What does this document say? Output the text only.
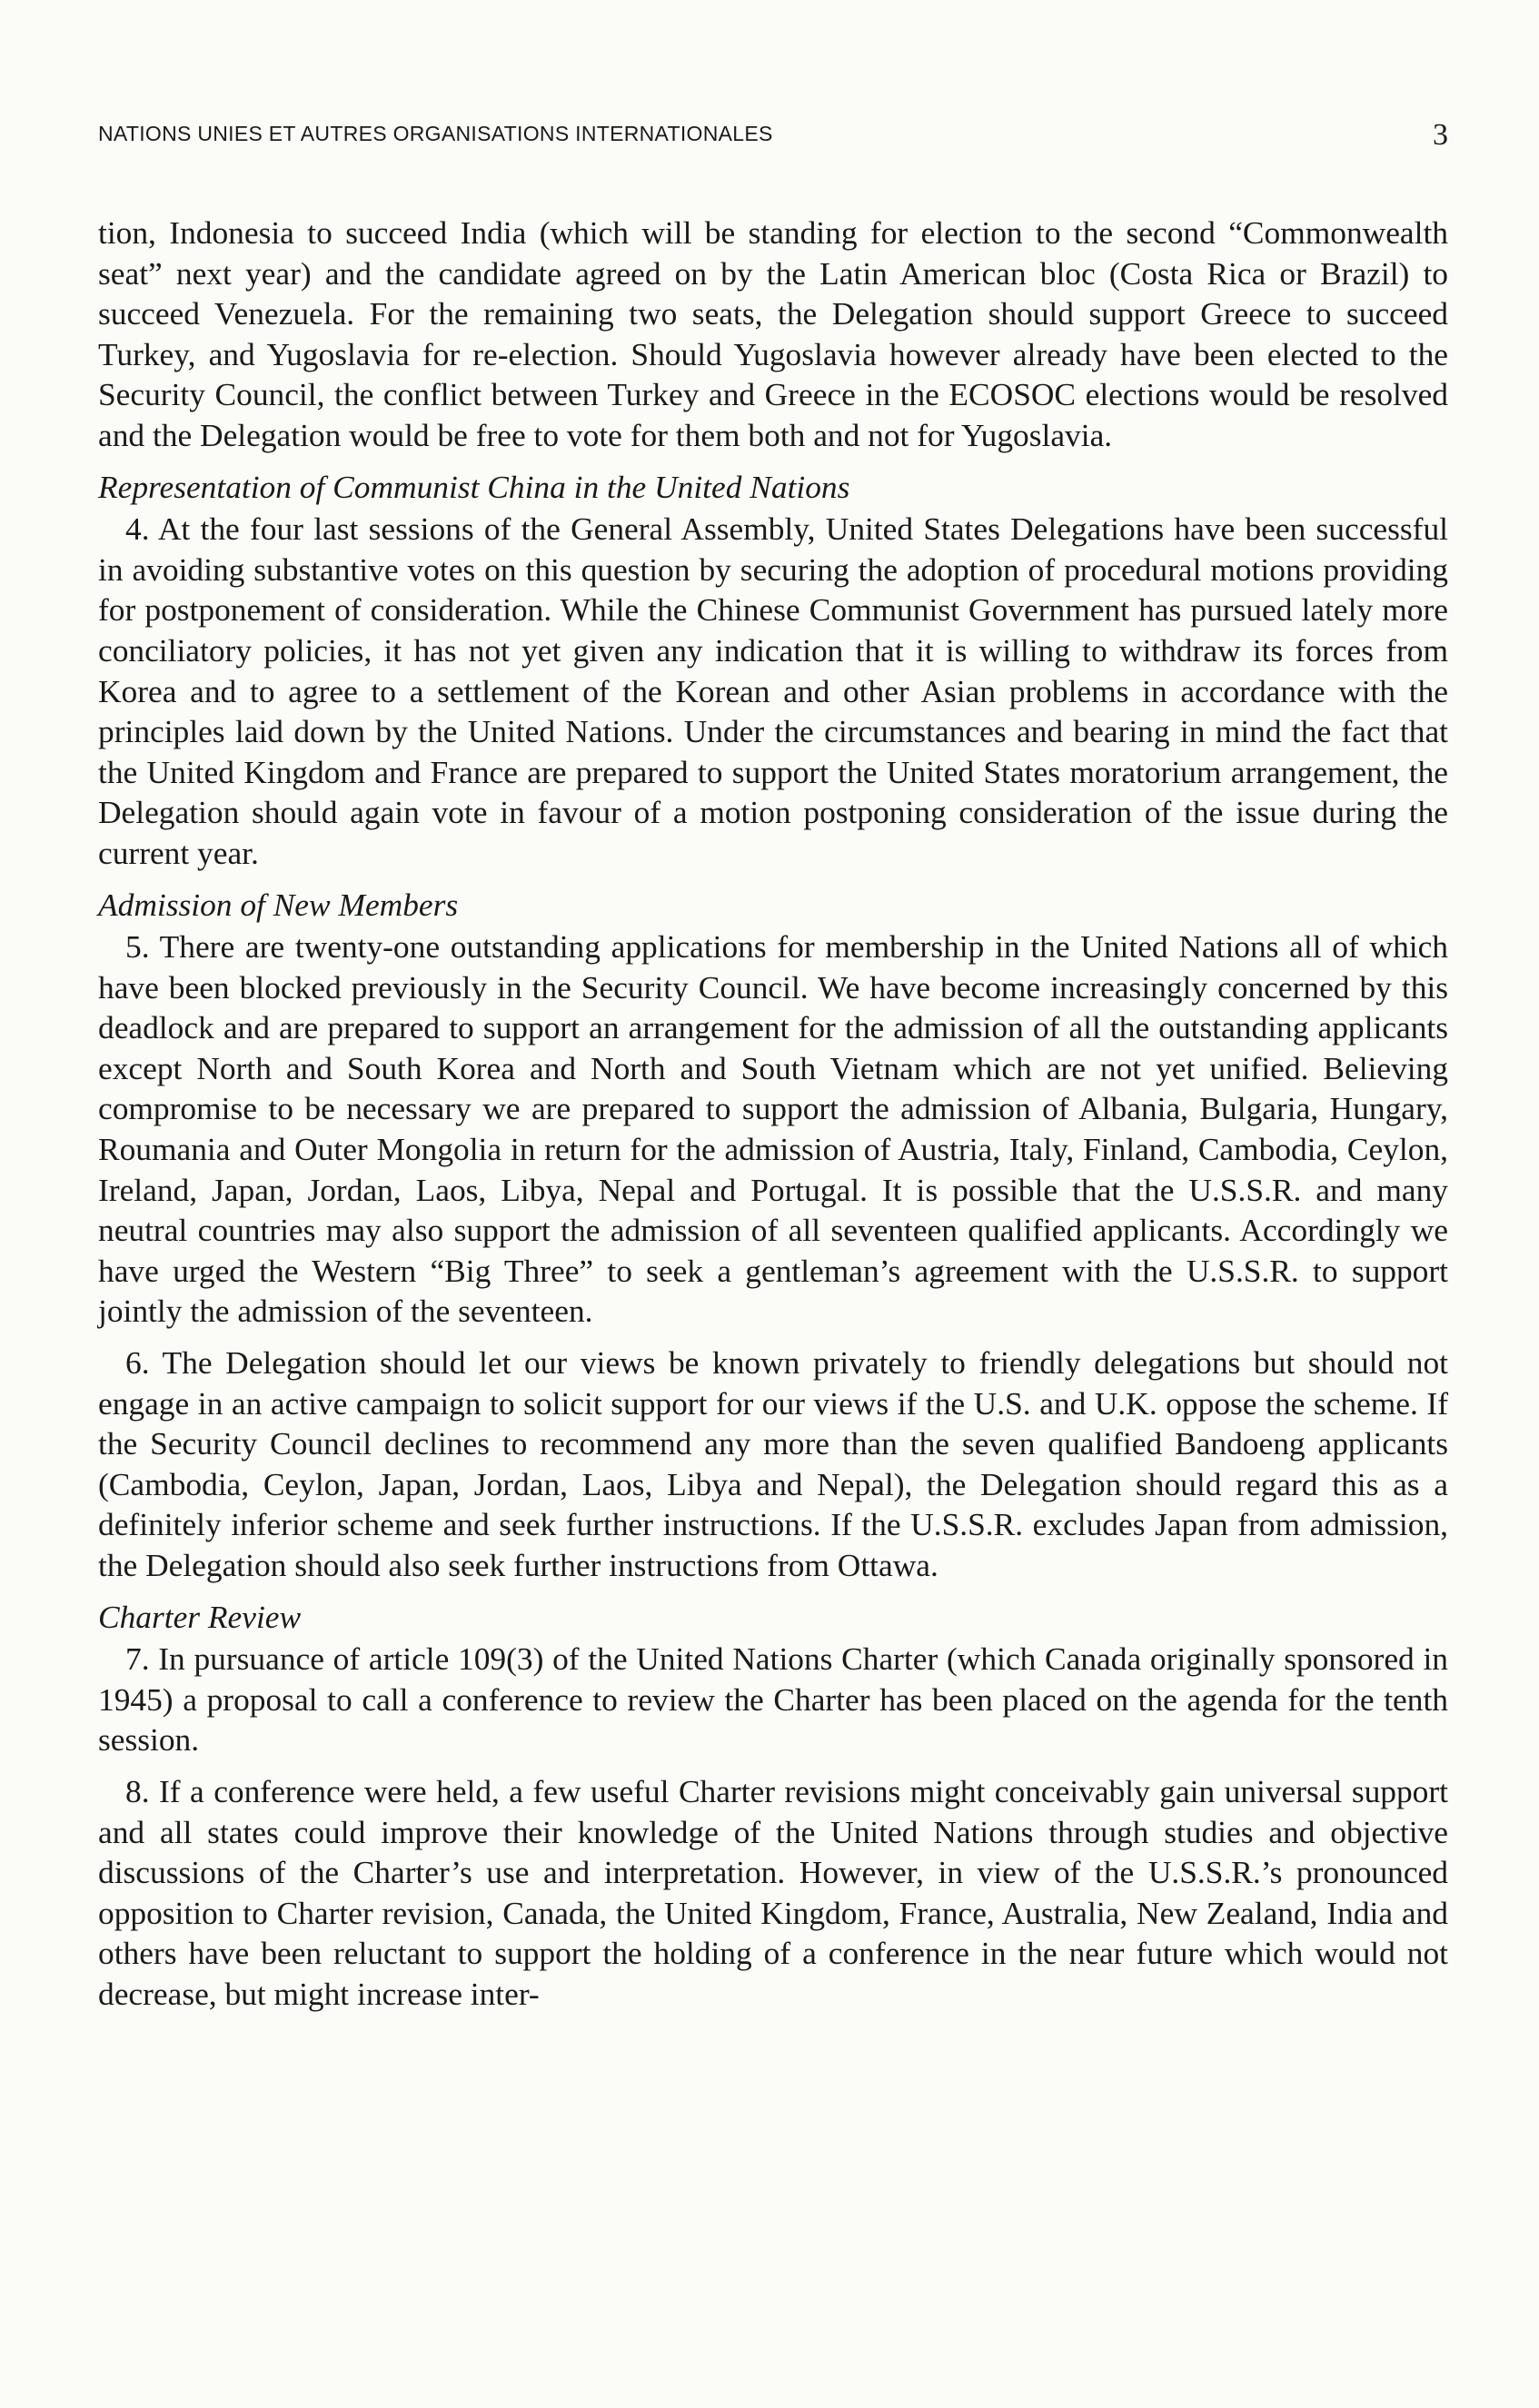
NATIONS UNIES ET AUTRES ORGANISATIONS INTERNATIONALES	3

tion, Indonesia to succeed India (which will be standing for election to the second “Commonwealth seat” next year) and the candidate agreed on by the Latin American bloc (Costa Rica or Brazil) to succeed Venezuela. For the remaining two seats, the Delegation should support Greece to succeed Turkey, and Yugoslavia for re-election. Should Yugoslavia however already have been elected to the Security Council, the conflict between Turkey and Greece in the ECOSOC elections would be resolved and the Delegation would be free to vote for them both and not for Yugoslavia.

Representation of Communist China in the United Nations

4. At the four last sessions of the General Assembly, United States Delegations have been successful in avoiding substantive votes on this question by securing the adoption of procedural motions providing for postponement of consideration. While the Chinese Communist Government has pursued lately more conciliatory policies, it has not yet given any indication that it is willing to withdraw its forces from Korea and to agree to a settlement of the Korean and other Asian problems in accordance with the principles laid down by the United Nations. Under the circumstances and bearing in mind the fact that the United Kingdom and France are prepared to support the United States moratorium arrangement, the Delegation should again vote in favour of a motion postponing consideration of the issue during the current year.

Admission of New Members

5. There are twenty-one outstanding applications for membership in the United Nations all of which have been blocked previously in the Security Council. We have become increasingly concerned by this deadlock and are prepared to support an arrangement for the admission of all the outstanding applicants except North and South Korea and North and South Vietnam which are not yet unified. Believing compromise to be necessary we are prepared to support the admission of Albania, Bulgaria, Hungary, Roumania and Outer Mongolia in return for the admission of Austria, Italy, Finland, Cambodia, Ceylon, Ireland, Japan, Jordan, Laos, Libya, Nepal and Portugal. It is possible that the U.S.S.R. and many neutral countries may also support the admission of all seventeen qualified applicants. Accordingly we have urged the Western “Big Three” to seek a gentleman’s agreement with the U.S.S.R. to support jointly the admission of the seventeen.

6. The Delegation should let our views be known privately to friendly delegations but should not engage in an active campaign to solicit support for our views if the U.S. and U.K. oppose the scheme. If the Security Council declines to recommend any more than the seven qualified Bandoeng applicants (Cambodia, Ceylon, Japan, Jordan, Laos, Libya and Nepal), the Delegation should regard this as a definitely inferior scheme and seek further instructions. If the U.S.S.R. excludes Japan from admission, the Delegation should also seek further instructions from Ottawa.

Charter Review

7. In pursuance of article 109(3) of the United Nations Charter (which Canada originally sponsored in 1945) a proposal to call a conference to review the Charter has been placed on the agenda for the tenth session.

8. If a conference were held, a few useful Charter revisions might conceivably gain universal support and all states could improve their knowledge of the United Nations through studies and objective discussions of the Charter’s use and interpretation. However, in view of the U.S.S.R.’s pronounced opposition to Charter revision, Canada, the United Kingdom, France, Australia, New Zealand, India and others have been reluctant to support the holding of a conference in the near future which would not decrease, but might increase inter-
